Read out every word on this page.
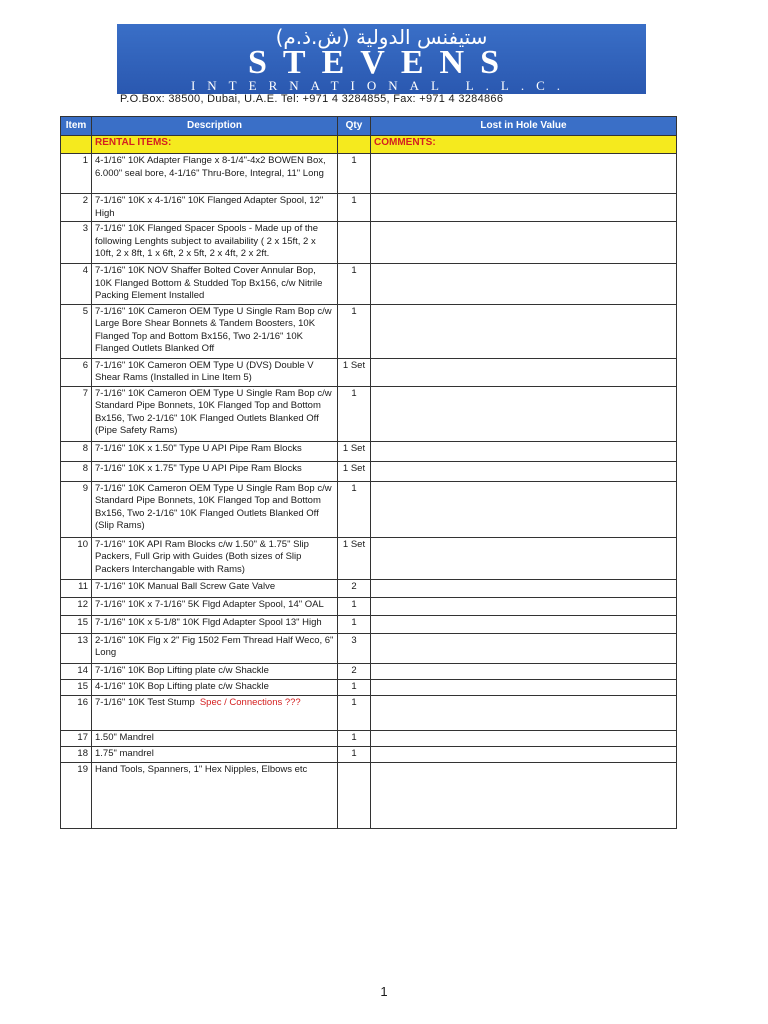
ستيفنس الدولية (ش.ذ.م)
STEVENS
INTERNATIONAL L.L.C.
P.O.Box: 38500, Dubai, U.A.E. Tel: +971 4 3284855, Fax: +971 4 3284866
Item	Description	Qty	Lost in Hole Value
	RENTAL ITEMS:		COMMENTS:
1	4-1/16" 10K Adapter Flange x 8-1/4"-4x2 BOWEN Box, 6.000" seal bore, 4-1/16" Thru-Bore, Integral, 11" Long	1	
2	7-1/16" 10K x 4-1/16" 10K Flanged Adapter Spool, 12" High	1	
3	7-1/16" 10K Flanged Spacer Spools - Made up of the following Lenghts subject to availability ( 2 x 15ft, 2 x 10ft, 2 x 8ft, 1 x 6ft, 2 x 5ft, 2 x 4ft, 2 x 2ft.		
4	7-1/16" 10K NOV Shaffer Bolted Cover Annular Bop, 10K Flanged Bottom & Studded Top Bx156, c/w Nitrile Packing Element Installed	1	
5	7-1/16" 10K Cameron OEM Type U Single Ram Bop c/w Large Bore Shear Bonnets & Tandem Boosters, 10K Flanged Top and Bottom Bx156, Two 2-1/16" 10K Flanged Outlets Blanked Off	1	
6	7-1/16" 10K Cameron OEM Type U (DVS) Double V Shear Rams (Installed in Line Item 5)	1 Set	
7	7-1/16" 10K Cameron OEM Type U Single Ram Bop c/w Standard Pipe Bonnets, 10K Flanged Top and Bottom Bx156, Two 2-1/16" 10K Flanged Outlets Blanked Off (Pipe Safety Rams)	1	
8	7-1/16" 10K x 1.50" Type U API Pipe Ram Blocks	1 Set	
8	7-1/16" 10K x 1.75" Type U API Pipe Ram Blocks	1 Set	
9	7-1/16" 10K Cameron OEM Type U Single Ram Bop c/w Standard Pipe Bonnets, 10K Flanged Top and Bottom Bx156, Two 2-1/16" 10K Flanged Outlets Blanked Off (Slip Rams)	1	
10	7-1/16" 10K API Ram Blocks c/w 1.50" & 1.75" Slip Packers, Full Grip with Guides (Both sizes of Slip Packers Interchangable with Rams)	1 Set	
11	7-1/16" 10K Manual Ball Screw Gate Valve	2	
12	7-1/16" 10K x 7-1/16" 5K Flgd Adapter Spool, 14" OAL	1	
15	7-1/16" 10K x 5-1/8" 10K Flgd Adapter Spool 13" High	1	
13	2-1/16" 10K Flg x 2" Fig 1502 Fem Thread Half Weco, 6" Long	3	
14	7-1/16" 10K Bop Lifting plate c/w Shackle	2	
15	4-1/16" 10K Bop Lifting plate c/w Shackle	1	
16	7-1/16" 10K Test Stump Spec / Connections ???	1	
17	1.50" Mandrel	1	
18	1.75" mandrel	1	
19	Hand Tools, Spanners, 1" Hex Nipples, Elbows etc		
1
